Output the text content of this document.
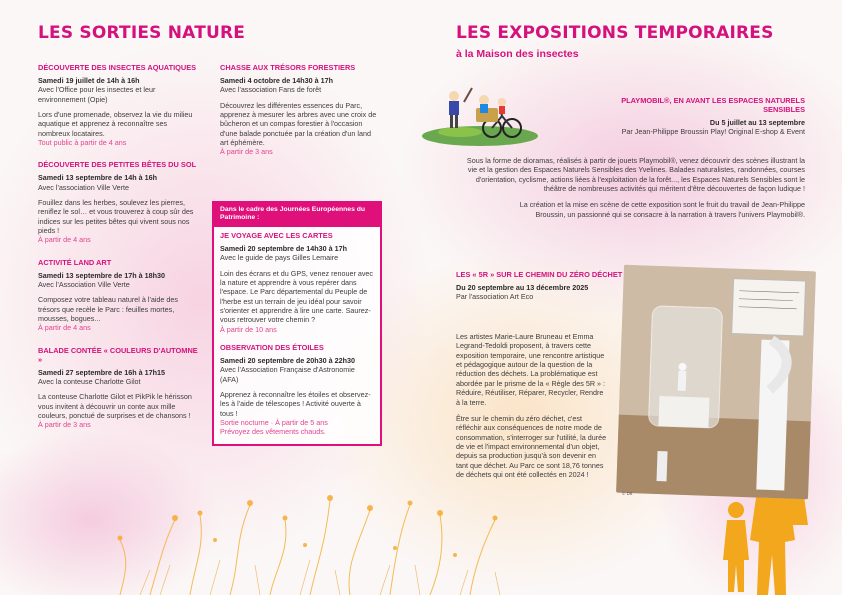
LES SORTIES NATURE
DÉCOUVERTE DES INSECTES AQUATIQUES
Samedi 19 juillet de 14h à 16h
Avec l'Office pour les insectes et leur environnement (Opie)
Lors d'une promenade, observez la vie du milieu aquatique et apprenez à reconnaître ses nombreux locataires.
Tout public à partir de 4 ans
DÉCOUVERTE DES PETITES BÊTES DU SOL
Samedi 13 septembre de 14h à 16h
Avec l'association Ville Verte
Fouillez dans les herbes, soulevez les pierres, reniflez le sol… et vous trouverez à coup sûr des indices sur les petites bêtes qui vivent sous nos pieds !
À partir de 4 ans
ACTIVITÉ LAND ART
Samedi 13 septembre de 17h à 18h30
Avec l'Association Ville Verte
Composez votre tableau naturel à l'aide des trésors que recèle le Parc : feuilles mortes, mousses, bogues...
À partir de 4 ans
BALADE CONTÉE « COULEURS D'AUTOMNE »
Samedi 27 septembre de 16h à 17h15
Avec la conteuse Charlotte Gilot
La conteuse Charlotte Gilot et PikPik le hérisson vous invitent à découvrir un conte aux mille couleurs, ponctué de surprises et de chansons !
À partir de 3 ans
CHASSE AUX TRÉSORS FORESTIERS
Samedi 4 octobre de 14h30 à 17h
Avec l'association Fans de forêt
Découvrez les différentes essences du Parc, apprenez à mesurer les arbres avec une croix de bûcheron et un compas forestier à l'occasion d'une balade ponctuée par la création d'un land art éphémère.
À partir de 3 ans
Dans le cadre des Journées Européennes du Patrimoine :
JE VOYAGE AVEC LES CARTES
Samedi 20 septembre de 14h30 à 17h
Avec le guide de pays Gilles Lemaire
Loin des écrans et du GPS, venez renouer avec la nature et apprendre à vous repérer dans l'espace. Le Parc départemental du Peuple de l'herbe est un terrain de jeu idéal pour savoir s'orienter et apprendre à lire une carte. Saurez-vous retrouver votre chemin ?
À partir de 10 ans
OBSERVATION DES ÉTOILES
Samedi 20 septembre de 20h30 à 22h30
Avec l'Association Française d'Astronomie (AFA)
Apprenez à reconnaître les étoiles et observez-les à l'aide de télescopes ! Activité ouverte à tous !
Sortie nocturne · À partir de 5 ans
Prévoyez des vêtements chauds.
LES EXPOSITIONS TEMPORAIRES
à la Maison des insectes
PLAYMOBIL®, EN AVANT LES ESPACES NATURELS SENSIBLES
Du 5 juillet au 13 septembre
Par Jean-Philippe Broussin Play! Original E-shop & Event
Sous la forme de dioramas, réalisés à partir de jouets Playmobil®, venez découvrir des scènes illustrant la vie et la gestion des Espaces Naturels Sensibles des Yvelines. Balades naturalistes, randonnées, courses d'orientation, cyclisme, actions liées à l'exploitation de la forêt..., les Espaces Naturels Sensibles sont le théâtre de nombreuses activités qui méritent d'être découvertes de façon ludique !
La création et la mise en scène de cette exposition sont le fruit du travail de Jean-Philippe Broussin, un passionné qui se consacre à la narration à travers l'univers Playmobil®.
LES « 5R » SUR LE CHEMIN DU ZÉRO DÉCHET
Du 20 septembre au 13 décembre 2025
Par l'association Art Eco
Les artistes Marie-Laure Bruneau et Emma Legrand-Tedoldi proposent, à travers cette exposition temporaire, une rencontre artistique et pédagogique autour de la question de la réduction des déchets. La problématique est abordée par le prisme de la « Règle des 5R » : Réduire, Réutiliser, Réparer, Recycler, Rendre à la terre.
Être sur le chemin du zéro déchet, c'est réfléchir aux conséquences de notre mode de consommation, s'interroger sur l'utilité, la durée de vie et l'impact environnemental d'un objet, depuis sa production jusqu'à son devenir en tant que déchet. Au Parc ce sont 18,76 tonnes de déchets qui ont été collectés en 2024 !
© D8
